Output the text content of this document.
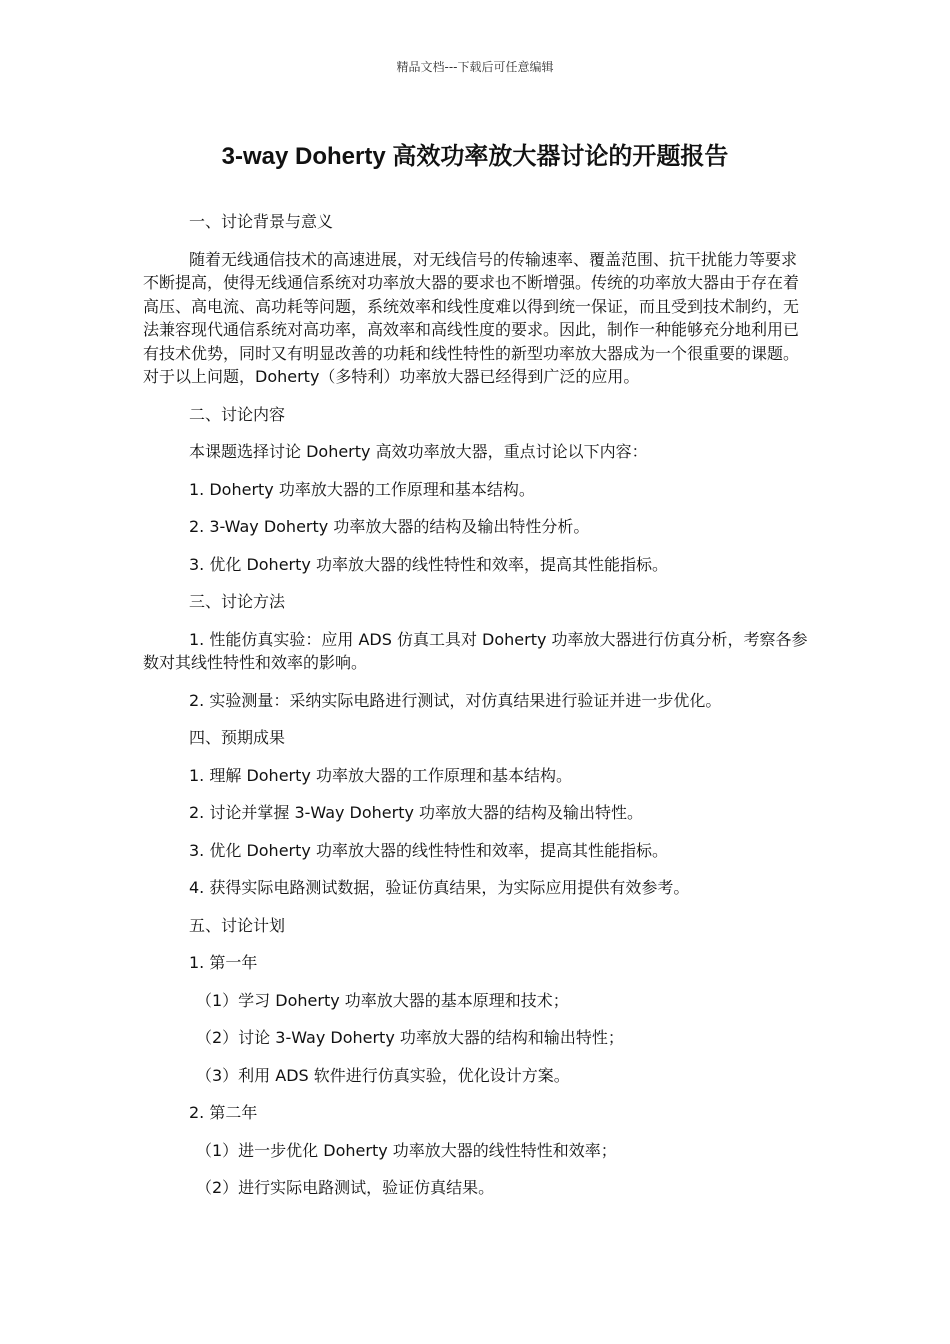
精品文档---下载后可任意编辑
3-way Doherty 高效功率放大器讨论的开题报告

一、讨论背景与意义

随着无线通信技术的高速进展，对无线信号的传输速率、覆盖范围、抗干扰能力等要求不断提高，使得无线通信系统对功率放大器的要求也不断增强。传统的功率放大器由于存在着高压、高电流、高功耗等问题，系统效率和线性度难以得到统一保证，而且受到技术制约，无法兼容现代通信系统对高功率，高效率和高线性度的要求。因此，制作一种能够充分地利用已有技术优势，同时又有明显改善的功耗和线性特性的新型功率放大器成为一个很重要的课题。对于以上问题，Doherty（多特利）功率放大器已经得到广泛的应用。

二、讨论内容

本课题选择讨论 Doherty 高效功率放大器，重点讨论以下内容：

1. Doherty 功率放大器的工作原理和基本结构。

2. 3-Way Doherty 功率放大器的结构及输出特性分析。

3. 优化 Doherty 功率放大器的线性特性和效率，提高其性能指标。

三、讨论方法

1. 性能仿真实验：应用 ADS 仿真工具对 Doherty 功率放大器进行仿真分析，考察各参数对其线性特性和效率的影响。

2. 实验测量：采纳实际电路进行测试，对仿真结果进行验证并进一步优化。

四、预期成果

1. 理解 Doherty 功率放大器的工作原理和基本结构。

2. 讨论并掌握 3-Way Doherty 功率放大器的结构及输出特性。

3. 优化 Doherty 功率放大器的线性特性和效率，提高其性能指标。

4. 获得实际电路测试数据，验证仿真结果，为实际应用提供有效参考。

五、讨论计划

1. 第一年

（1）学习 Doherty 功率放大器的基本原理和技术；

（2）讨论 3-Way Doherty 功率放大器的结构和输出特性；

（3）利用 ADS 软件进行仿真实验，优化设计方案。

2. 第二年

（1）进一步优化 Doherty 功率放大器的线性特性和效率；

（2）进行实际电路测试，验证仿真结果。
